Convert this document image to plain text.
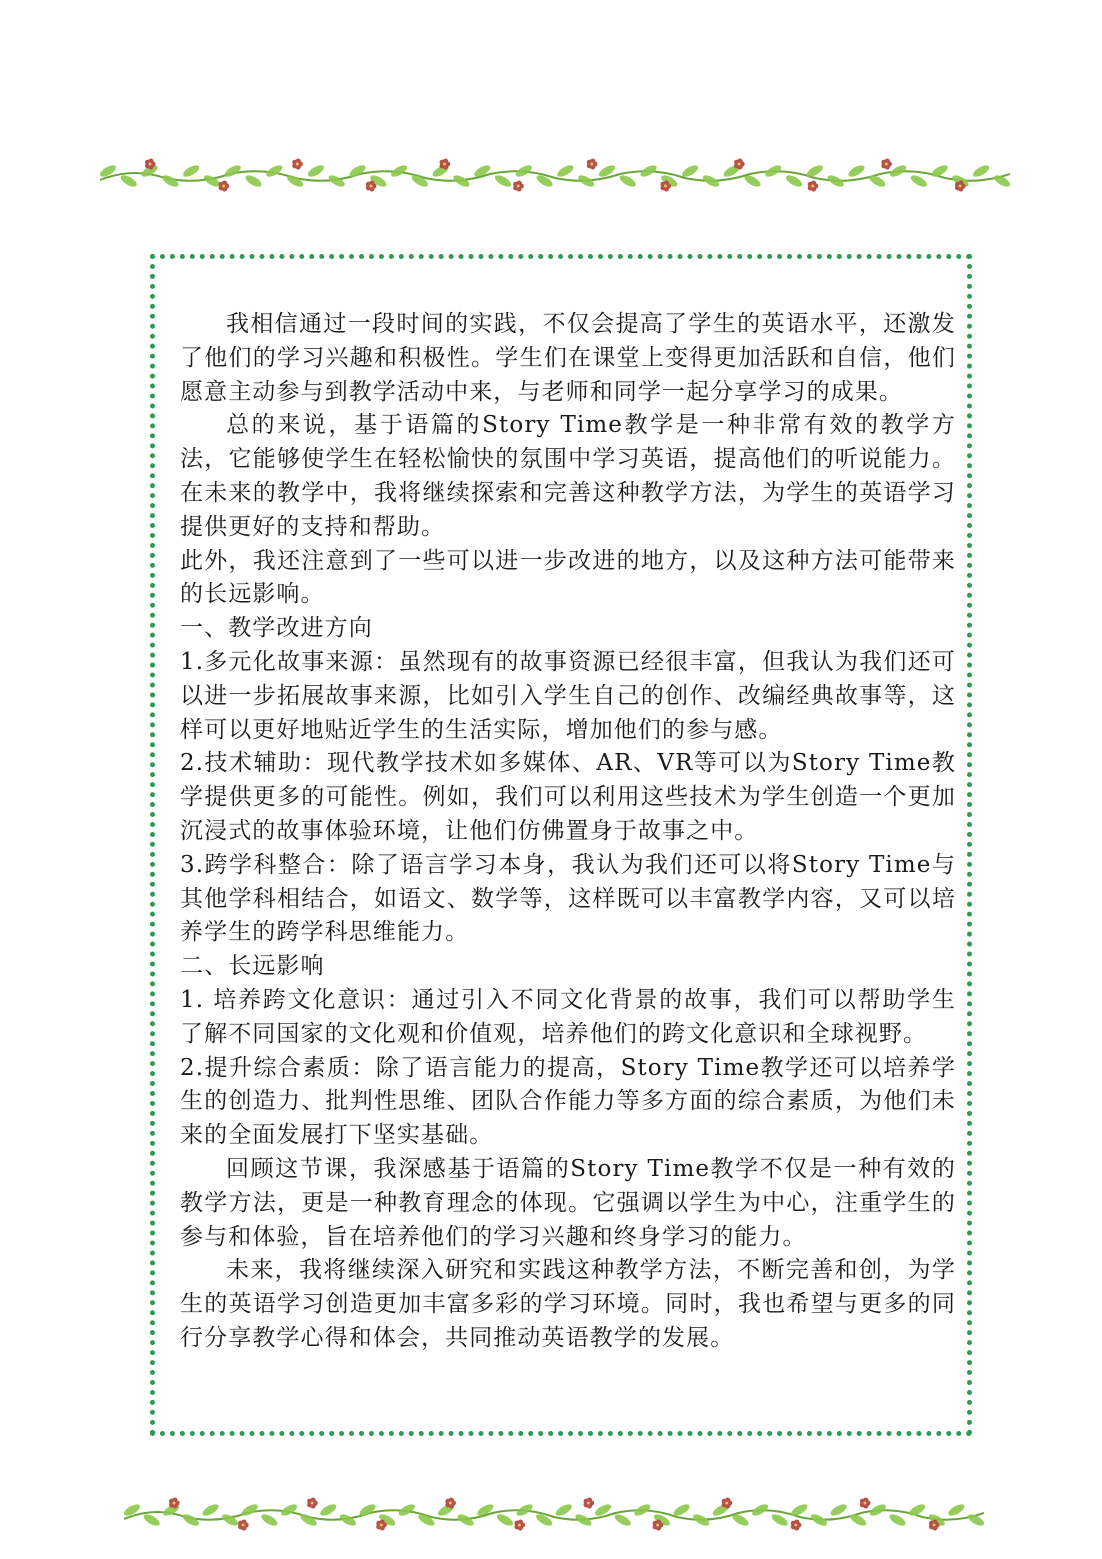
我相信通过一段时间的实践，不仅会提高了学生的英语水平，还激发了他们的学习兴趣和积极性。学生们在课堂上变得更加活跃和自信，他们愿意主动参与到教学活动中来，与老师和同学一起分享学习的成果。

总的来说，基于语篇的Story Time教学是一种非常有效的教学方法，它能够使学生在轻松愉快的氛围中学习英语，提高他们的听说能力。在未来的教学中，我将继续探索和完善这种教学方法，为学生的英语学习提供更好的支持和帮助。

此外，我还注意到了一些可以进一步改进的地方，以及这种方法可能带来的长远影响。

一、教学改进方向

1.多元化故事来源：虽然现有的故事资源已经很丰富，但我认为我们还可以进一步拓展故事来源，比如引入学生自己的创作、改编经典故事等，这样可以更好地贴近学生的生活实际，增加他们的参与感。

2.技术辅助：现代教学技术如多媒体、AR、VR等可以为Story Time教学提供更多的可能性。例如，我们可以利用这些技术为学生创造一个更加沉浸式的故事体验环境，让他们仿佛置身于故事之中。

3.跨学科整合：除了语言学习本身，我认为我们还可以将Story Time与其他学科相结合，如语文、数学等，这样既可以丰富教学内容，又可以培养学生的跨学科思维能力。

二、长远影响

1. 培养跨文化意识：通过引入不同文化背景的故事，我们可以帮助学生了解不同国家的文化观和价值观，培养他们的跨文化意识和全球视野。

2.提升综合素质：除了语言能力的提高，Story Time教学还可以培养学生的创造力、批判性思维、团队合作能力等多方面的综合素质，为他们未来的全面发展打下坚实基础。

回顾这节课，我深感基于语篇的Story Time教学不仅是一种有效的教学方法，更是一种教育理念的体现。它强调以学生为中心，注重学生的参与和体验，旨在培养他们的学习兴趣和终身学习的能力。

未来，我将继续深入研究和实践这种教学方法，不断完善和创，为学生的英语学习创造更加丰富多彩的学习环境。同时，我也希望与更多的同行分享教学心得和体会，共同推动英语教学的发展。
